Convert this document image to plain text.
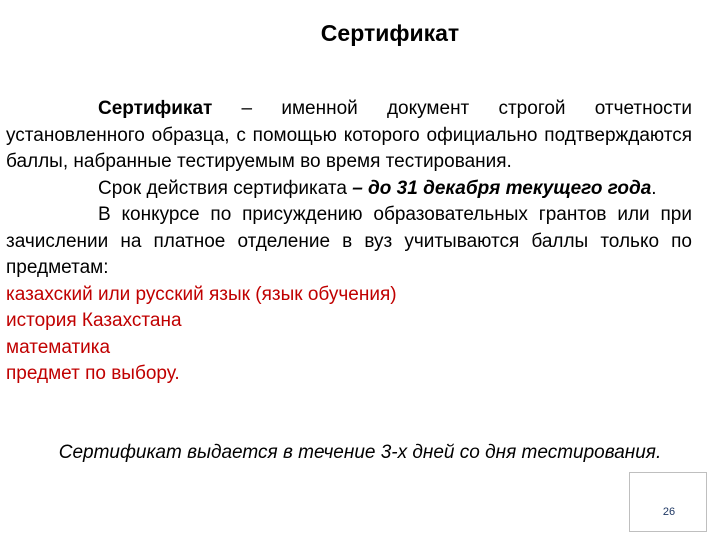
Сертификат

Сертификат – именной документ строгой отчетности установленного образца, с помощью которого официально подтверждаются баллы, набранные тестируемым во время тестирования.

Срок действия сертификата – до 31 декабря текущего года.

В конкурсе по присуждению образовательных грантов или при зачислении на платное отделение в вуз учитываются баллы только по предметам:

казахский или русский язык (язык обучения)

история Казахстана

математика

предмет по выбору.

Сертификат выдается в течение 3-х дней со дня тестирования.
26
